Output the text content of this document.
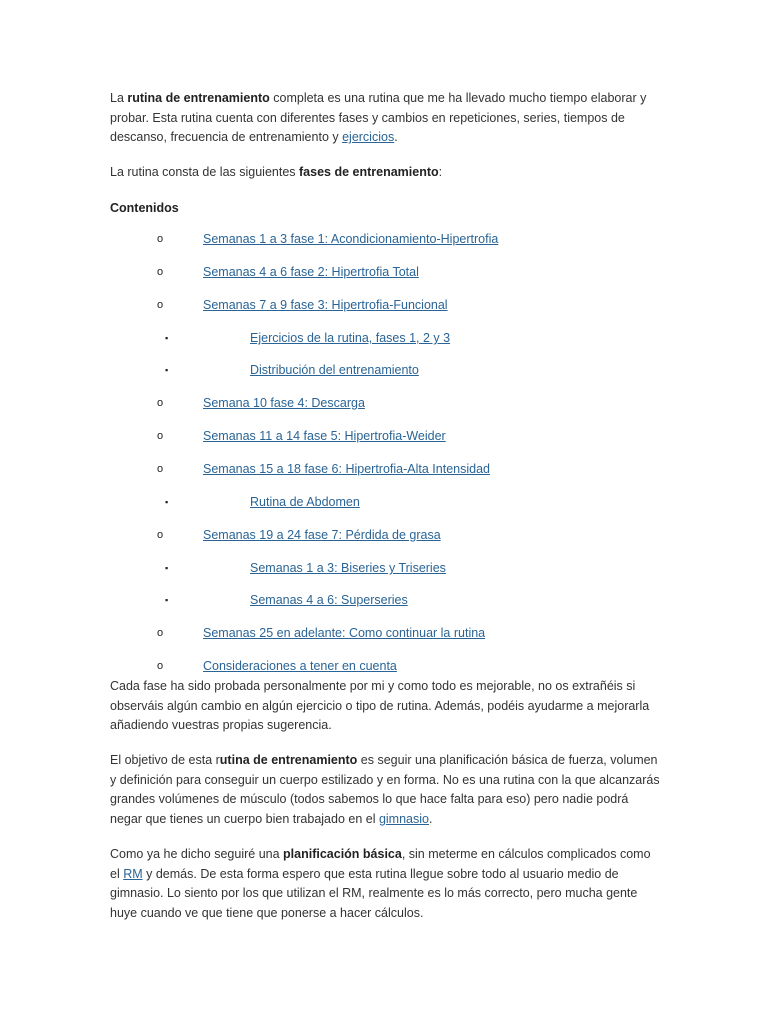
La rutina de entrenamiento completa es una rutina que me ha llevado mucho tiempo elaborar y probar. Esta rutina cuenta con diferentes fases y cambios en repeticiones, series, tiempos de descanso, frecuencia de entrenamiento y ejercicios.

La rutina consta de las siguientes fases de entrenamiento:

Contenidos
o	Semanas 1 a 3 fase 1: Acondicionamiento-Hipertrofia
o	Semanas 4 a 6 fase 2: Hipertrofia Total
o	Semanas 7 a 9 fase 3: Hipertrofia-Funcional
▪	Ejercicios de la rutina, fases 1, 2 y 3
▪	Distribución del entrenamiento
o	Semana 10 fase 4: Descarga
o	Semanas 11 a 14 fase 5: Hipertrofia-Weider
o	Semanas 15 a 18 fase 6: Hipertrofia-Alta Intensidad
▪	Rutina de Abdomen
o	Semanas 19 a 24 fase 7: Pérdida de grasa
▪	Semanas 1 a 3: Biseries y Triseries
▪	Semanas 4 a 6: Superseries
o	Semanas 25 en adelante: Como continuar la rutina
o	Consideraciones a tener en cuenta

Cada fase ha sido probada personalmente por mi y como todo es mejorable, no os extrañéis si observáis algún cambio en algún ejercicio o tipo de rutina. Además, podéis ayudarme a mejorarla añadiendo vuestras propias sugerencia.

El objetivo de esta rutina de entrenamiento es seguir una planificación básica de fuerza, volumen y definición para conseguir un cuerpo estilizado y en forma. No es una rutina con la que alcanzarás grandes volúmenes de músculo (todos sabemos lo que hace falta para eso) pero nadie podrá negar que tienes un cuerpo bien trabajado en el gimnasio.

Como ya he dicho seguiré una planificación básica, sin meterme en cálculos complicados como el RM y demás. De esta forma espero que esta rutina llegue sobre todo al usuario medio de gimnasio. Lo siento por los que utilizan el RM, realmente es lo más correcto, pero mucha gente huye cuando ve que tiene que ponerse a hacer cálculos.
